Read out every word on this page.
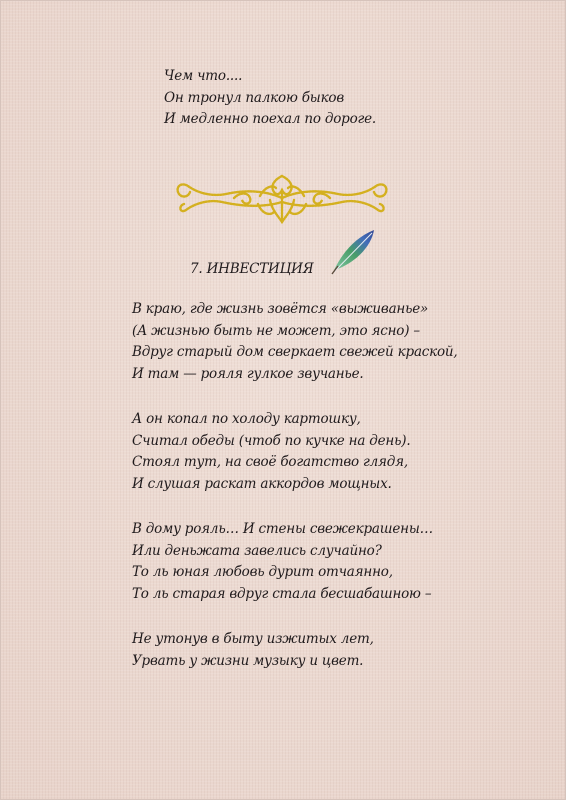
Чем что....
Он тронул палкою быков
И медленно поехал по дороге.
7. ИНВЕСТИЦИЯ
В краю, где жизнь зовётся «выживанье»
(А жизнью быть не может, это ясно) –
Вдруг старый дом сверкает свежей краской,
И там — рояля гулкое звучанье.
А он копал по холоду картошку,
Считал обеды (чтоб по кучке на день).
Стоял тут, на своё богатство глядя,
И слушая раскат аккордов мощных.
В дому рояль… И стены свежекрашены…
Или деньжата завелись случайно?
То ль юная любовь дурит отчаянно,
То ль старая вдруг стала бесшабашною –
Не утонув в быту изжитых лет,
Урвать у жизни музыку и цвет.
